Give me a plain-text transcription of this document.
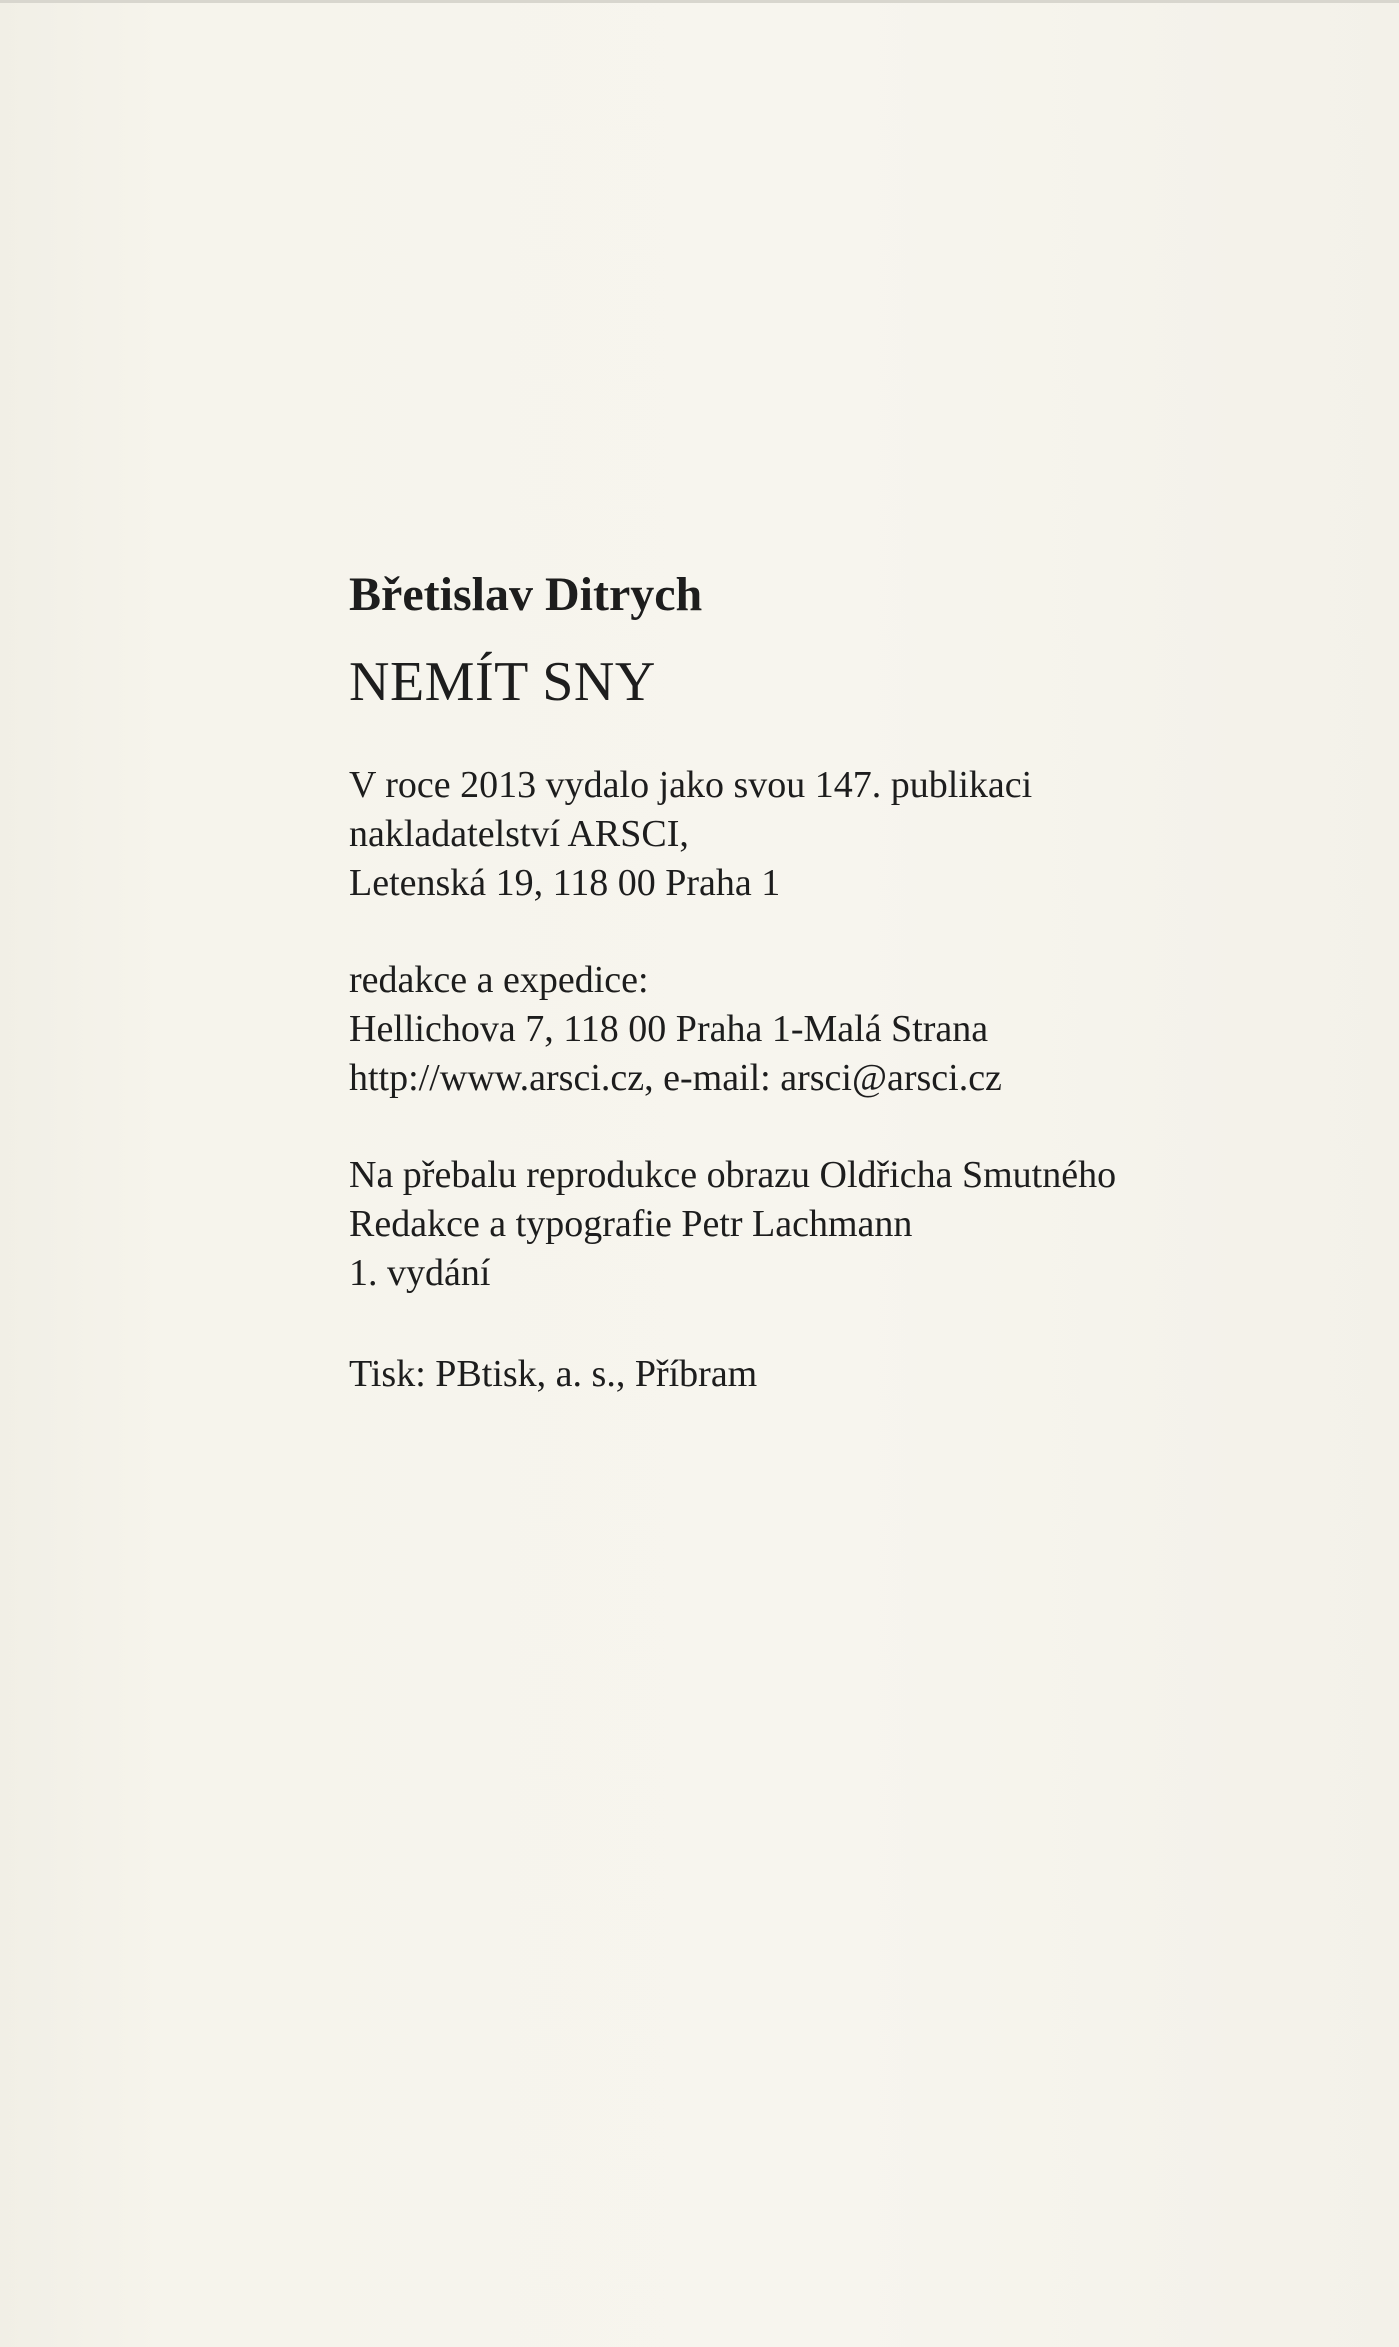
Břetislav Ditrych

NEMÍT SNY

V roce 2013 vydalo jako svou 147. publikaci
nakladatelství ARSCI,
Letenská 19, 118 00 Praha 1

redakce a expedice:
Hellichova 7, 118 00 Praha 1-Malá Strana
http://www.arsci.cz, e-mail: arsci@arsci.cz

Na přebalu reprodukce obrazu Oldřicha Smutného
Redakce a typografie Petr Lachmann
1. vydání

Tisk: PBtisk, a. s., Příbram
